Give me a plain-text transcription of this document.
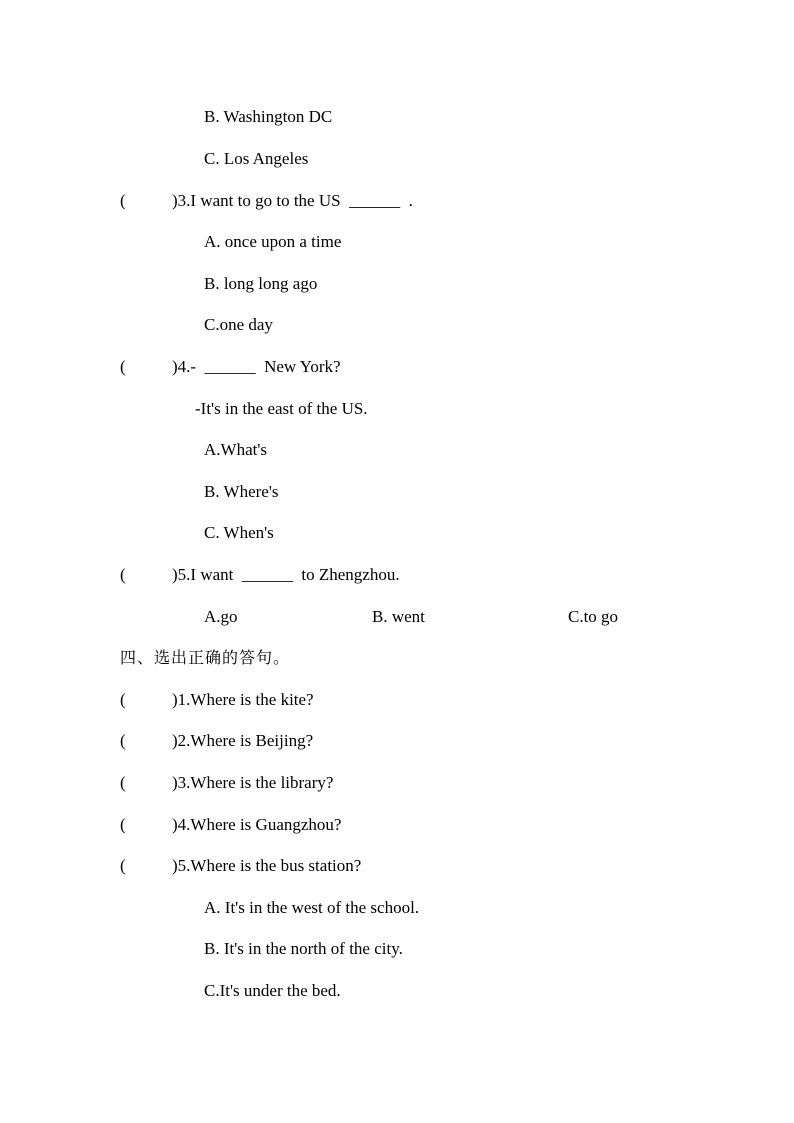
B. Washington DC
C. Los Angeles
(	)3.I want to go to the US  ______  .
A. once upon a time
B. long long ago
C.one day
(	)4.-  ______  New York?
-It's in the east of the US.
A.What's
B. Where's
C. When's
(	)5.I want  ______  to Zhengzhou.
A.go	B. went	C.to go
四、选出正确的答句。
(	)1.Where is the kite?
(	)2.Where is Beijing?
(	)3.Where is the library?
(	)4.Where is Guangzhou?
(	)5.Where is the bus station?
A. It's in the west of the school.
B. It's in the north of the city.
C.It's under the bed.
